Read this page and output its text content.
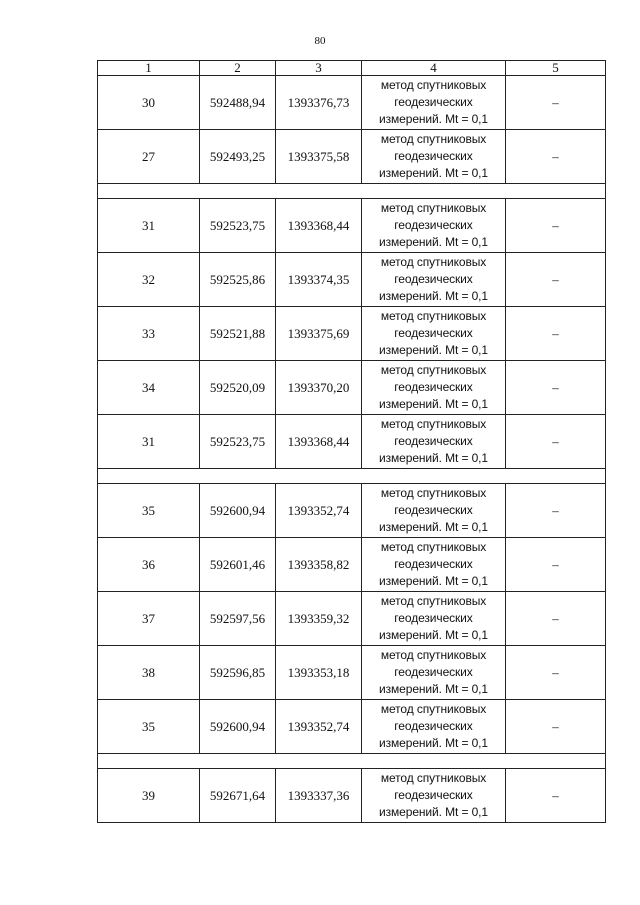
80
1	2	3	4	5
30	592488,94	1393376,73	метод спутниковых геодезических измерений. Mt = 0,1	–
27	592493,25	1393375,58	метод спутниковых геодезических измерений. Mt = 0,1	–

31	592523,75	1393368,44	метод спутниковых геодезических измерений. Mt = 0,1	–
32	592525,86	1393374,35	метод спутниковых геодезических измерений. Mt = 0,1	–
33	592521,88	1393375,69	метод спутниковых геодезических измерений. Mt = 0,1	–
34	592520,09	1393370,20	метод спутниковых геодезических измерений. Mt = 0,1	–
31	592523,75	1393368,44	метод спутниковых геодезических измерений. Mt = 0,1	–

35	592600,94	1393352,74	метод спутниковых геодезических измерений. Mt = 0,1	–
36	592601,46	1393358,82	метод спутниковых геодезических измерений. Mt = 0,1	–
37	592597,56	1393359,32	метод спутниковых геодезических измерений. Mt = 0,1	–
38	592596,85	1393353,18	метод спутниковых геодезических измерений. Mt = 0,1	–
35	592600,94	1393352,74	метод спутниковых геодезических измерений. Mt = 0,1	–

39	592671,64	1393337,36	метод спутниковых геодезических измерений. Mt = 0,1	–
